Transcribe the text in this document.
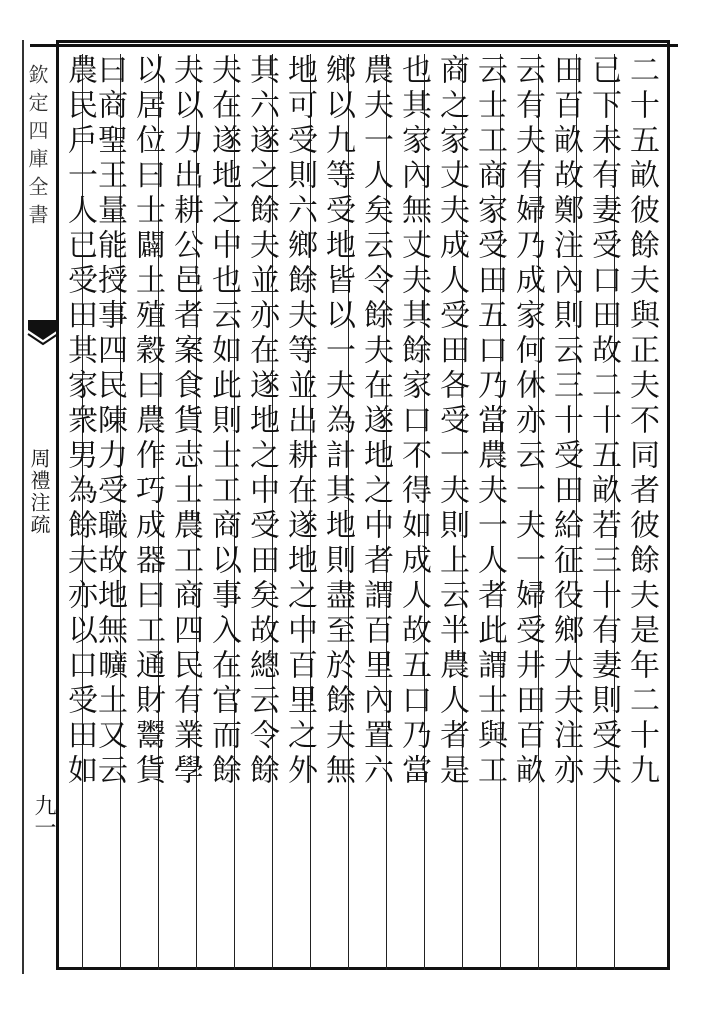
欽定四庫全書
周禮注疏
九一
二十五畝彼餘夫與正夫不同者彼餘夫是年二十九
已下未有妻受口田故二十五畝若三十有妻則受夫
田百畝故鄭注內則云三十受田給征役鄉大夫注亦
云有夫有婦乃成家何休亦云一夫一婦受井田百畝
云士工商家受田五口乃當農夫一人者此謂士與工
商之家丈夫成人受田各受一夫則上云半農人者是
也其家內無丈夫其餘家口不得如成人故五口乃當
農夫一人矣云令餘夫在遂地之中者謂百里內置六
鄉以九等受地皆以一夫為計其地則盡至於餘夫無
地可受則六鄉餘夫等並出耕在遂地之中百里之外
其六遂之餘夫並亦在遂地之中受田矣故總云令餘
夫在遂地之中也云如此則士工商以事入在官而餘
夫以力出耕公邑者案食貨志士農工商四民有業學
以居位曰士闢土殖穀曰農作巧成器曰工通財鬻貨
曰商聖王量能授事四民陳力受職故地無曠土又云
農民戶一人已受田其家衆男為餘夫亦以口受田如
